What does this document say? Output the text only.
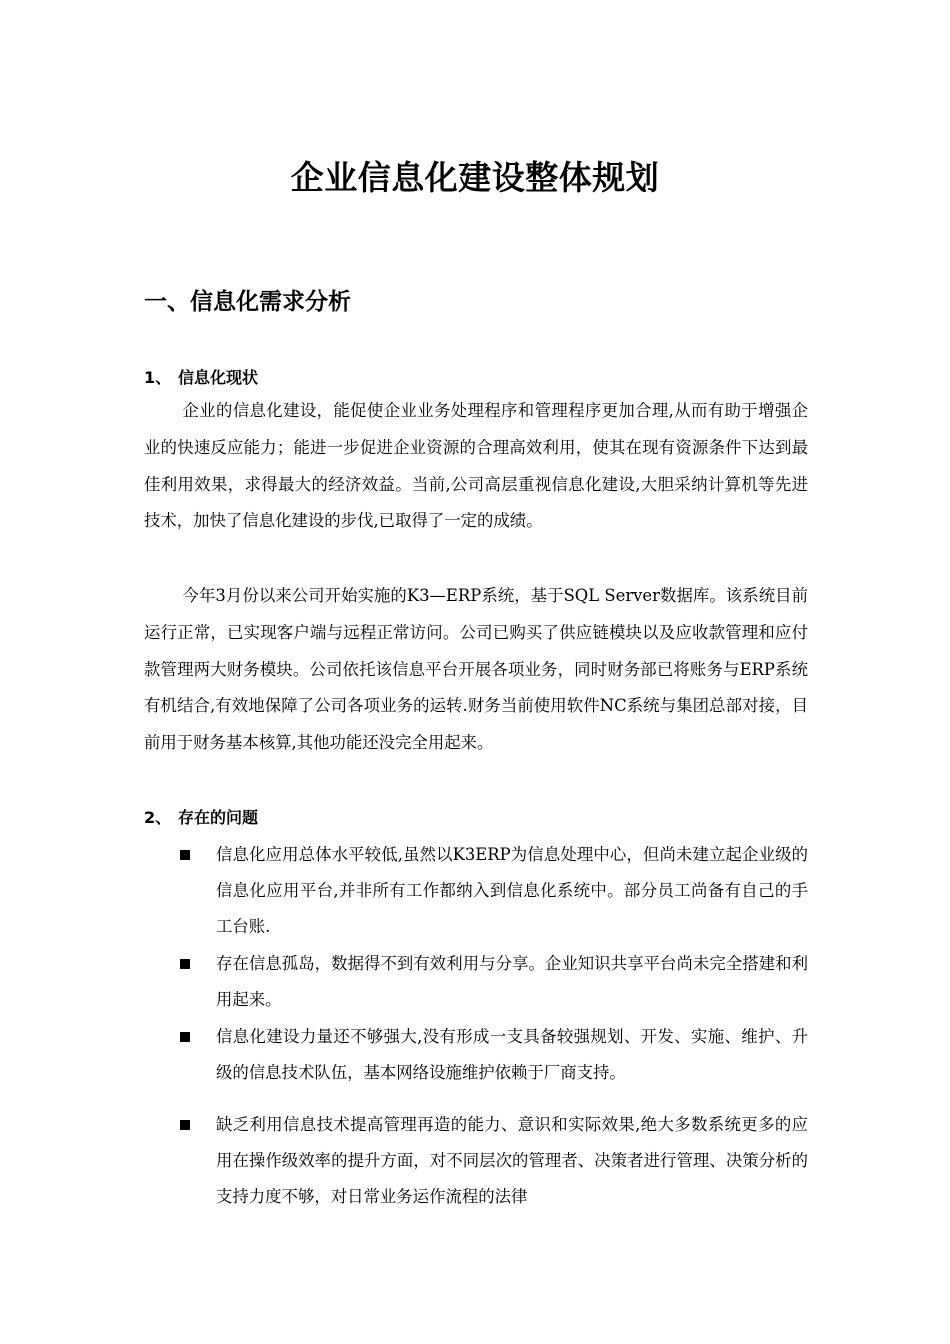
企业信息化建设整体规划
一、信息化需求分析
1、 信息化现状

企业的信息化建设，能促使企业业务处理程序和管理程序更加合理,从而有助于增强企业的快速反应能力；能进一步促进企业资源的合理高效利用，使其在现有资源条件下达到最佳利用效果，求得最大的经济效益。当前,公司高层重视信息化建设,大胆采纳计算机等先进技术，加快了信息化建设的步伐,已取得了一定的成绩。

今年3月份以来公司开始实施的K3—ERP系统，基于SQL Server数据库。该系统目前运行正常，已实现客户端与远程正常访问。公司已购买了供应链模块以及应收款管理和应付款管理两大财务模块。公司依托该信息平台开展各项业务，同时财务部已将账务与ERP系统有机结合,有效地保障了公司各项业务的运转.财务当前使用软件NC系统与集团总部对接，目前用于财务基本核算,其他功能还没完全用起来。

2、 存在的问题
信息化应用总体水平较低,虽然以K3ERP为信息处理中心，但尚未建立起企业级的信息化应用平台,并非所有工作都纳入到信息化系统中。部分员工尚备有自己的手工台账.
存在信息孤岛，数据得不到有效利用与分享。企业知识共享平台尚未完全搭建和利用起来。
信息化建设力量还不够强大,没有形成一支具备较强规划、开发、实施、维护、升级的信息技术队伍，基本网络设施维护依赖于厂商支持。
缺乏利用信息技术提高管理再造的能力、意识和实际效果,绝大多数系统更多的应用在操作级效率的提升方面，对不同层次的管理者、决策者进行管理、决策分析的支持力度不够，对日常业务运作流程的法律
